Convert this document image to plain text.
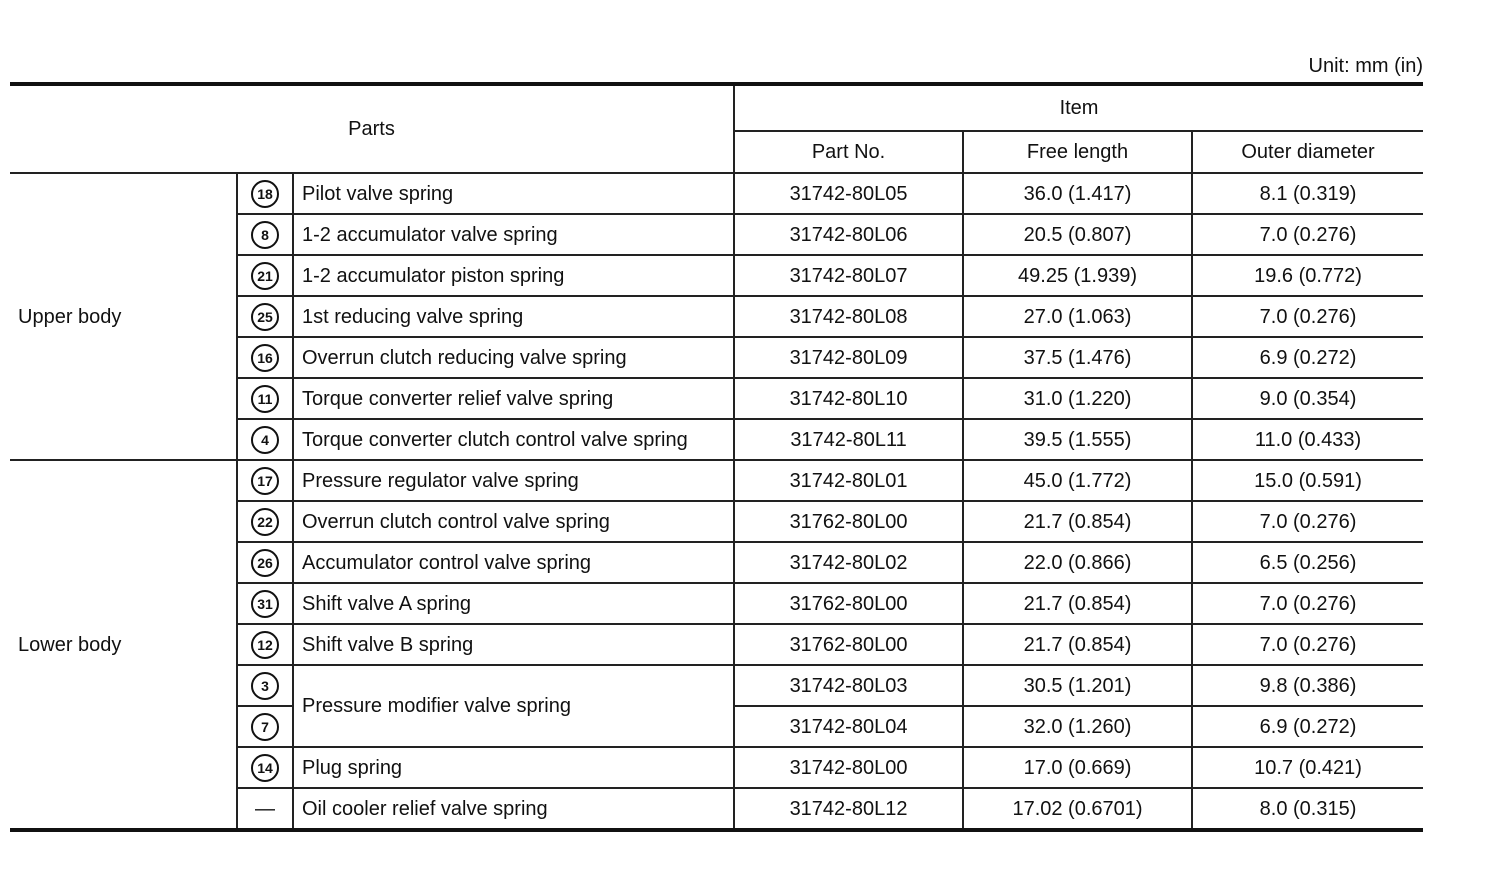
Unit: mm (in)
Parts			Item		
			Part No.	Free length	Outer diameter
Upper body	18	Pilot valve spring	31742-80L05	36.0 (1.417)	8.1 (0.319)
	8	1-2 accumulator valve spring	31742-80L06	20.5 (0.807)	7.0 (0.276)
	21	1-2 accumulator piston spring	31742-80L07	49.25 (1.939)	19.6 (0.772)
	25	1st reducing valve spring	31742-80L08	27.0 (1.063)	7.0 (0.276)
	16	Overrun clutch reducing valve spring	31742-80L09	37.5 (1.476)	6.9 (0.272)
	11	Torque converter relief valve spring	31742-80L10	31.0 (1.220)	9.0 (0.354)
	4	Torque converter clutch control valve spring	31742-80L11	39.5 (1.555)	11.0 (0.433)
Lower body	17	Pressure regulator valve spring	31742-80L01	45.0 (1.772)	15.0 (0.591)
	22	Overrun clutch control valve spring	31762-80L00	21.7 (0.854)	7.0 (0.276)
	26	Accumulator control valve spring	31742-80L02	22.0 (0.866)	6.5 (0.256)
	31	Shift valve A spring	31762-80L00	21.7 (0.854)	7.0 (0.276)
	12	Shift valve B spring	31762-80L00	21.7 (0.854)	7.0 (0.276)
	3	Pressure modifier valve spring	31742-80L03	30.5 (1.201)	9.8 (0.386)
	7		31742-80L04	32.0 (1.260)	6.9 (0.272)
	14	Plug spring	31742-80L00	17.0 (0.669)	10.7 (0.421)
	—	Oil cooler relief valve spring	31742-80L12	17.02 (0.6701)	8.0 (0.315)
